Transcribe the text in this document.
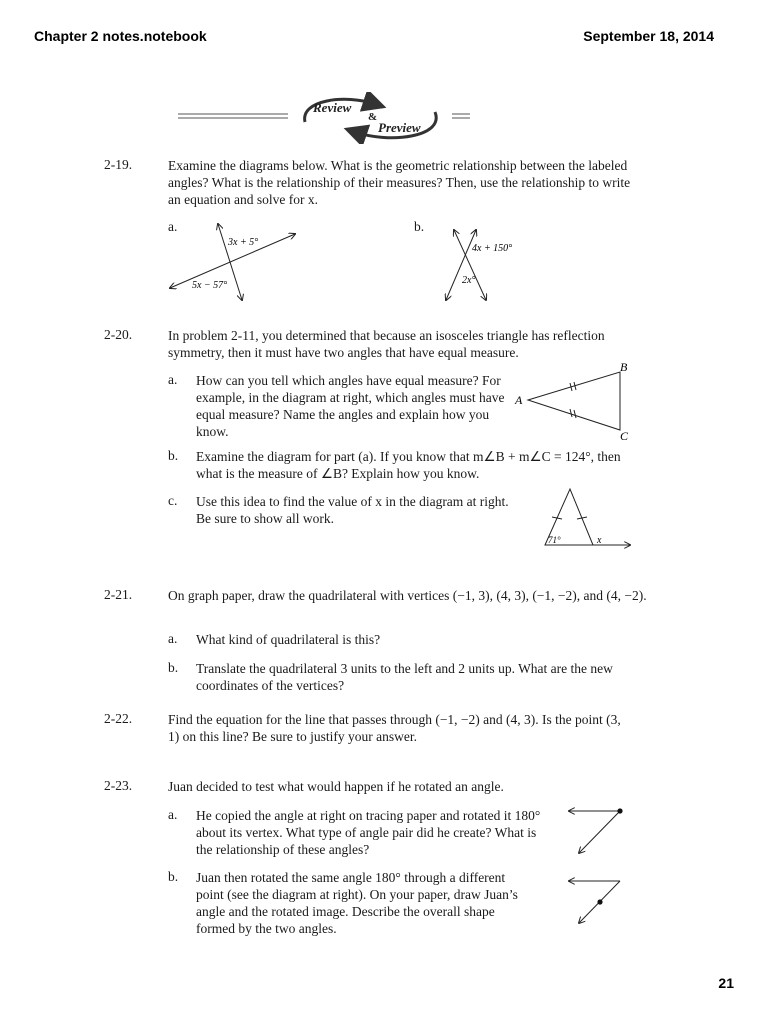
Chapter 2 notes.notebook	September 18, 2014
Review
&
Preview
2-19.	Examine the diagrams below. What is the geometric relationship between the labeled angles? What is the relationship of their measures? Then, use the relationship to write an equation and solve for x.
a.	b.
3x + 5°
5x − 57°
4x + 150°
2x°
2-20.	In problem 2-11, you determined that because an isosceles triangle has reflection symmetry, then it must have two angles that have equal measure.
a. How can you tell which angles have equal measure? For example, in the diagram at right, which angles must have equal measure? Name the angles and explain how you know.
A
B
C
b. Examine the diagram for part (a). If you know that m∠B + m∠C = 124°, then what is the measure of ∠B? Explain how you know.
c. Use this idea to find the value of x in the diagram at right. Be sure to show all work.
71°	x
2-21.	On graph paper, draw the quadrilateral with vertices (−1, 3), (4, 3), (−1, −2), and (4, −2).
a. What kind of quadrilateral is this?
b. Translate the quadrilateral 3 units to the left and 2 units up. What are the new coordinates of the vertices?
2-22.	Find the equation for the line that passes through (−1, −2) and (4, 3). Is the point (3, 1) on this line? Be sure to justify your answer.
2-23.	Juan decided to test what would happen if he rotated an angle.
a. He copied the angle at right on tracing paper and rotated it 180° about its vertex. What type of angle pair did he create? What is the relationship of these angles?
b. Juan then rotated the same angle 180° through a different point (see the diagram at right). On your paper, draw Juan’s angle and the rotated image. Describe the overall shape formed by the two angles.
21
